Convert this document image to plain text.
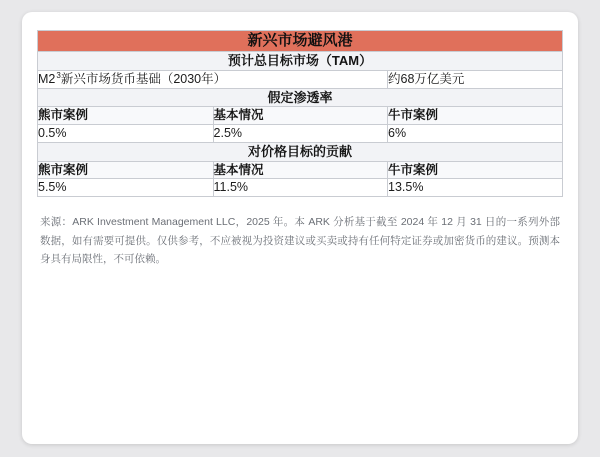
新兴市场避风港		
预计总目标市场（TAM）		
$M2^3$新兴市场货币基础（2030年）		约68万亿美元
假定渗透率		
熊市案例	基本情况	牛市案例
0.5%	2.5%	6%
对价格目标的贡献		
熊市案例	基本情况	牛市案例
5.5%	11.5%	13.5%
来源：ARK Investment Management LLC，2025 年。本 ARK 分析基于截至 2024 年 12 月 31 日的一系列外部数据，如有需要可提供。仅供参考，不应被视为投资建议或买卖或持有任何特定证券或加密货币的建议。预测本身具有局限性，不可依赖。
